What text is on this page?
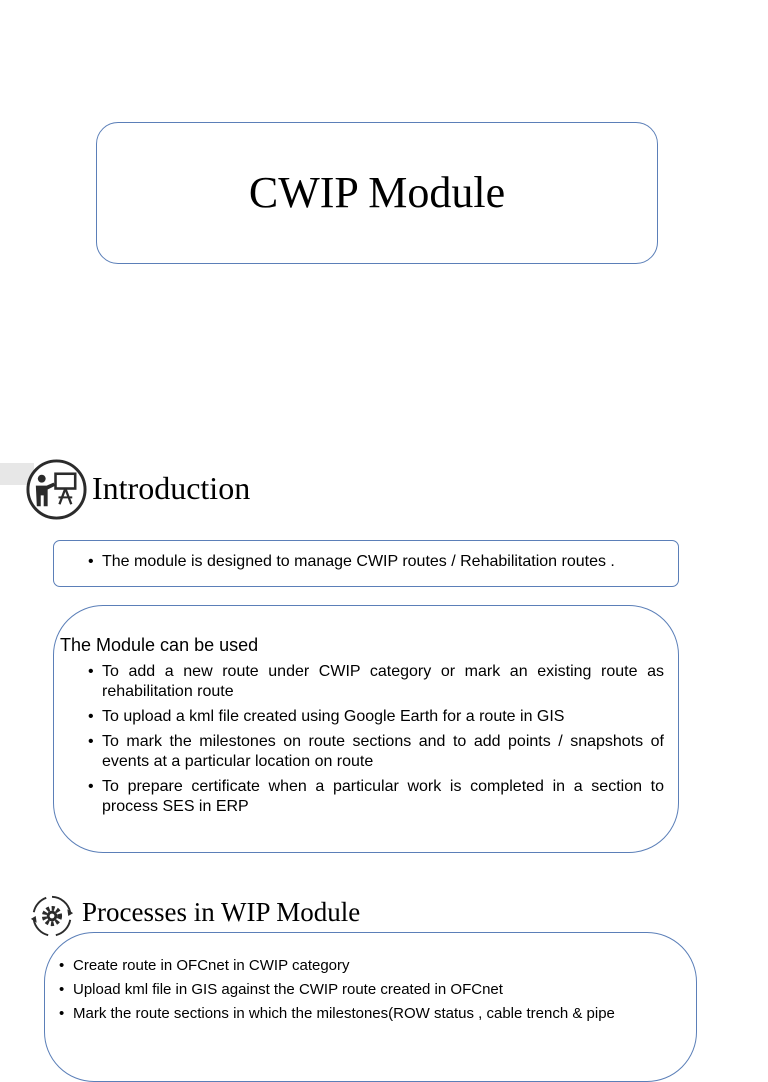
CWIP Module
Introduction
• The module is designed to manage CWIP routes / Rehabilitation routes .
The Module can be used
• To add a new route under CWIP category or mark an existing route as rehabilitation route
• To upload a kml file created using Google Earth for a route in GIS
• To mark the milestones on route sections and to add points / snapshots of events at a particular location on route
• To prepare certificate when a particular work is completed in a section to process SES in ERP
Processes in WIP Module
• Create route in OFCnet in CWIP category
• Upload kml file in GIS against the CWIP route created in OFCnet
• Mark the route sections in which the milestones(ROW status , cable trench & pipe
